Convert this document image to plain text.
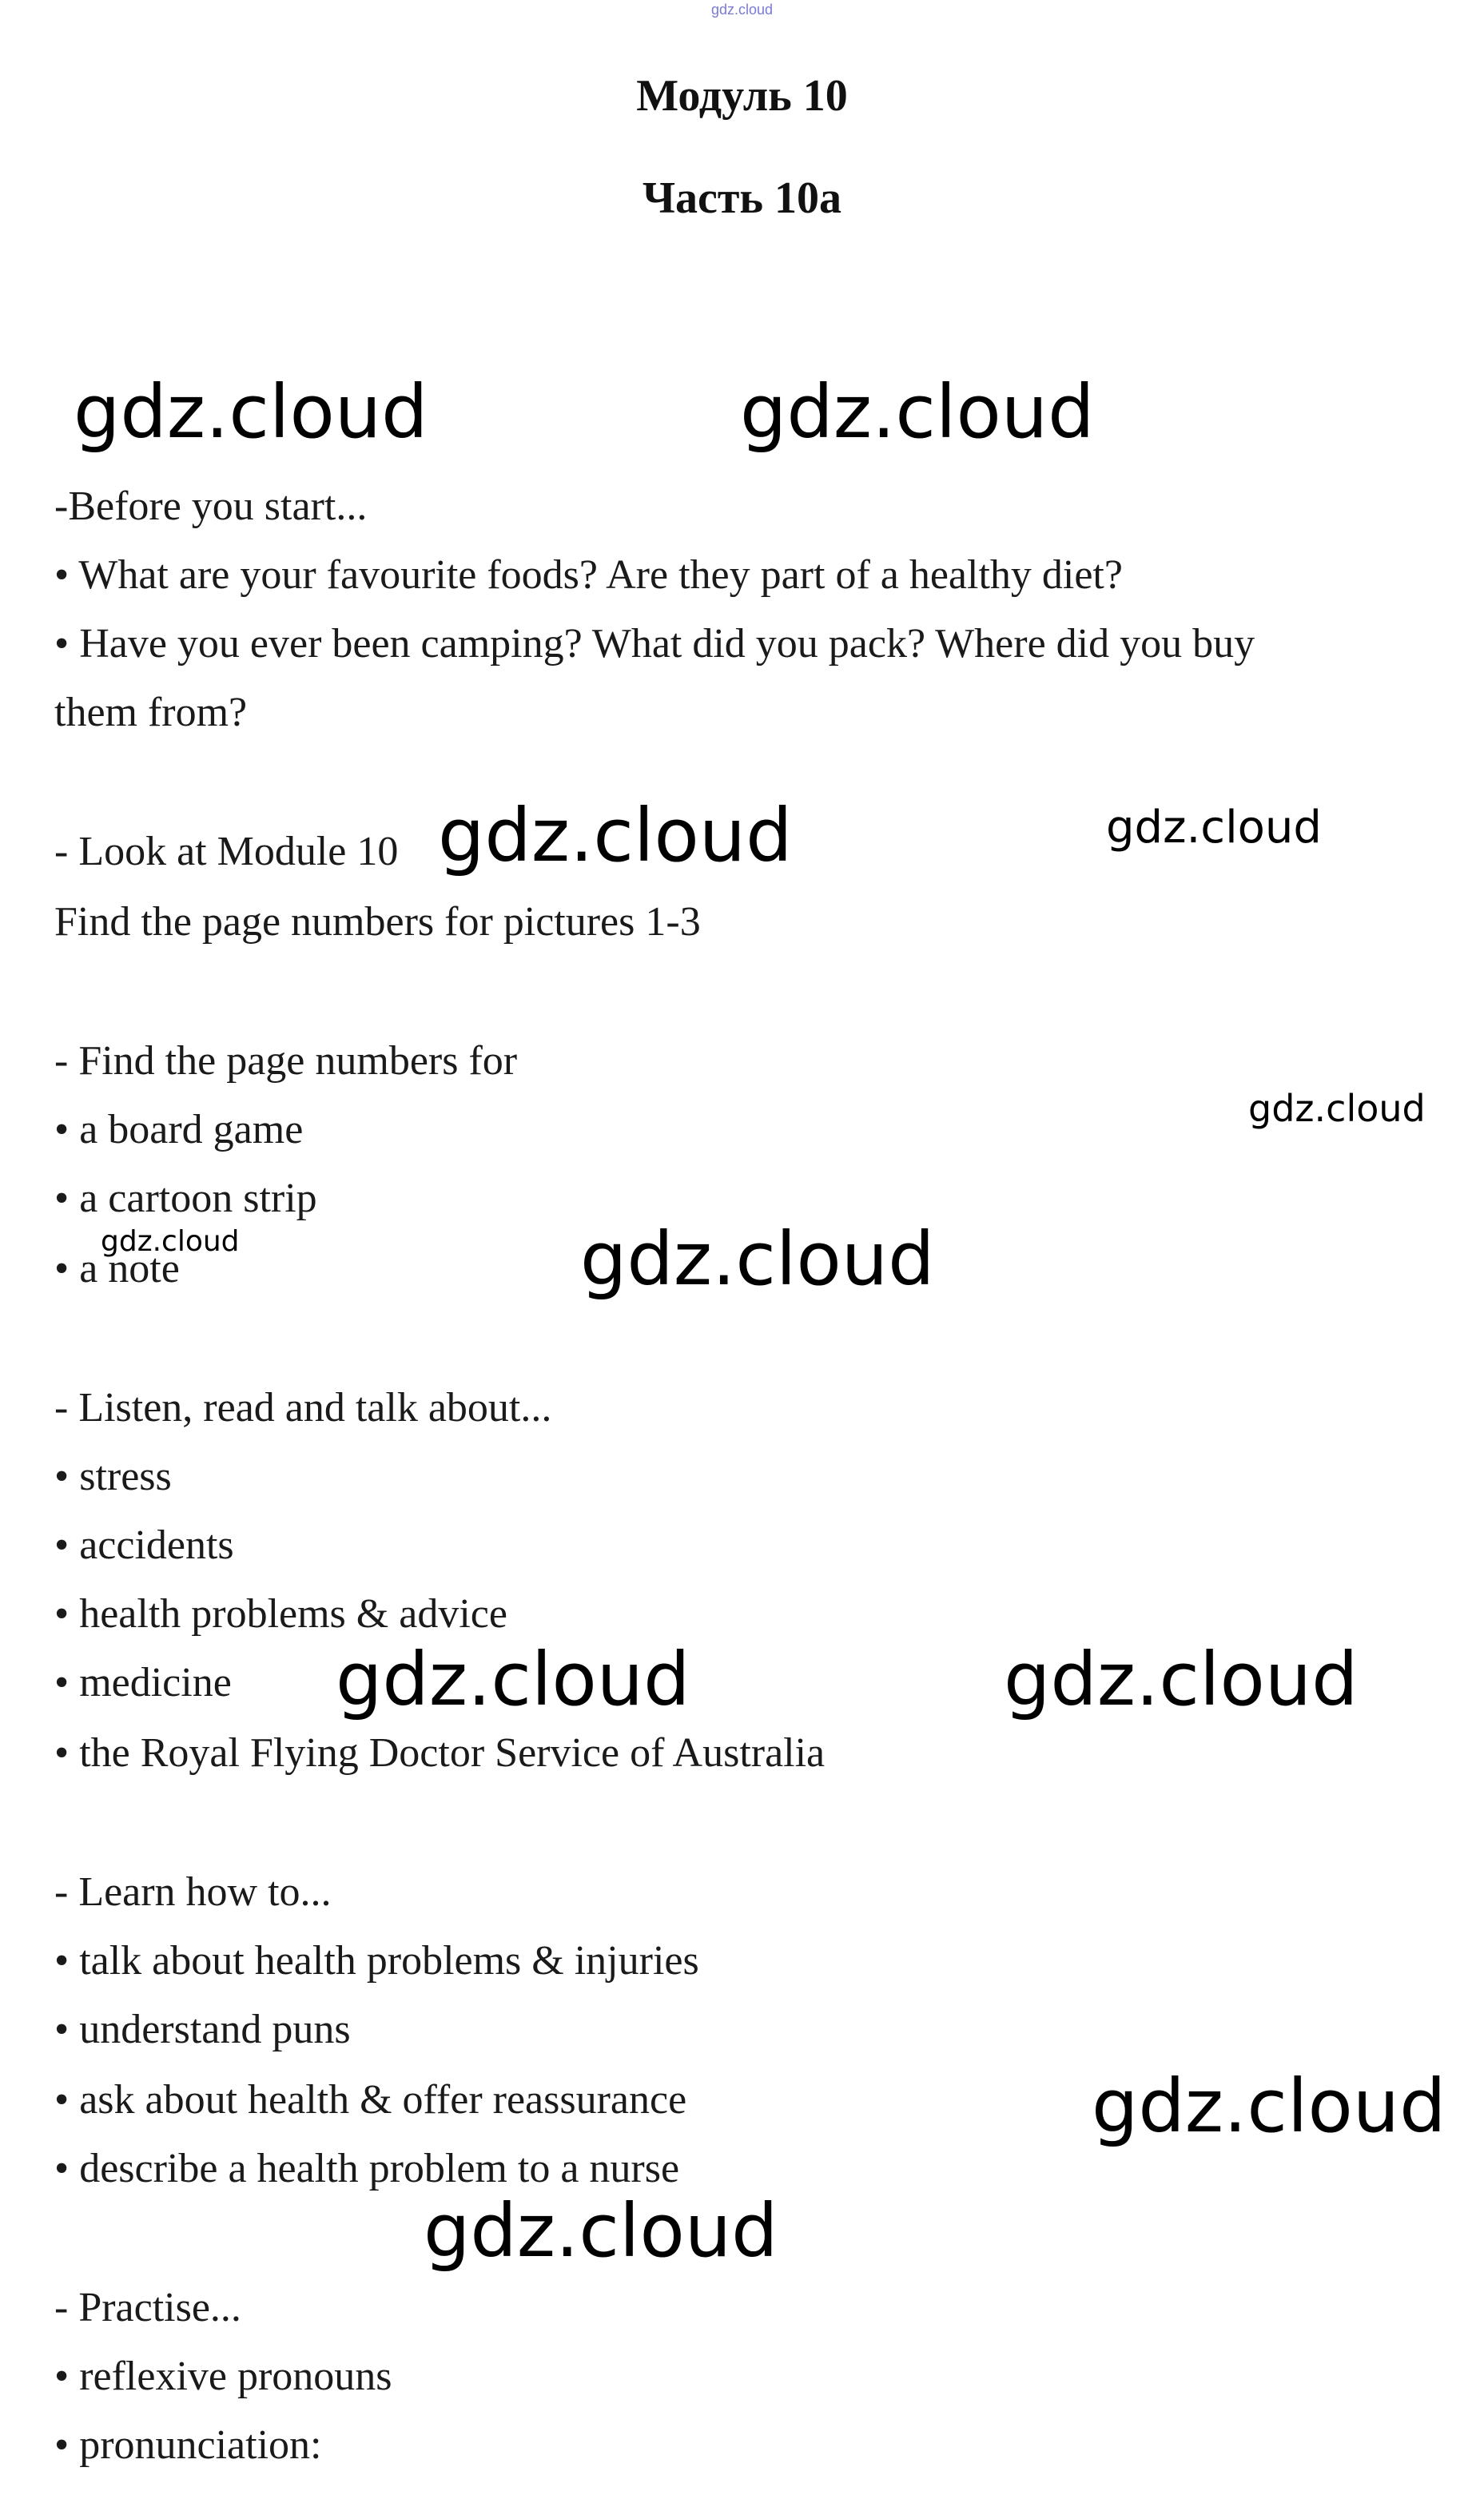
gdz.cloud
Модуль 10
Часть 10a
-Before you start...
• What are your favourite foods? Are they part of a healthy diet?
• Have you ever been camping? What did you pack? Where did you buy
them from?
- Look at Module 10
Find the page numbers for pictures 1-3
- Find the page numbers for
• a board game
• a cartoon strip
• a note
- Listen, read and talk about...
• stress
• accidents
• health problems & advice
• medicine
• the Royal Flying Doctor Service of Australia
- Learn how to...
• talk about health problems & injuries
• understand puns
• ask about health & offer reassurance
• describe a health problem to a nurse
- Practise...
• reflexive pronouns
• pronunciation:
gdz.cloud	gdz.cloud
gdz.cloud	gdz.cloud
gdz.cloud
gdz.cloud	gdz.cloud
gdz.cloud	gdz.cloud
gdz.cloud
gdz.cloud
